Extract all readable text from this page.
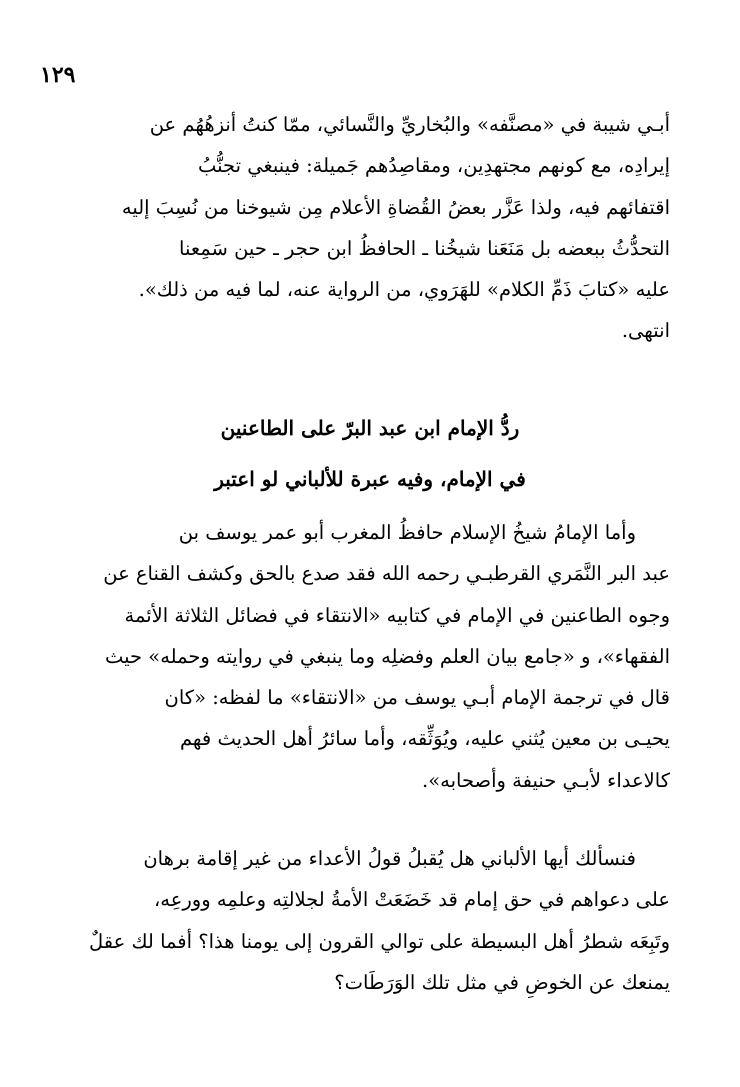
١٢٩
أبـي شيبة في «مصنَّفه» والبُخاريِّ والنَّسائي، ممّا كنتُ أنزهُهُم عن
إيرادِه، مع كونهم مجتهدِين، ومقاصِدُهم جَميلة: فينبغي تجنُّبُ
اقتفائهم فيه، ولذا عَزَّر بعضُ القُضاةِ الأعلام مِن شيوخنا من نُسِبَ إليه
التحدُّثُ ببعضه بل مَنَعَنا شيخُنا ـ الحافظُ ابن حجر ـ حين سَمِعنا
عليه «كتابَ ذَمِّ الكلام» للهَرَوي، من الرواية عنه، لما فيه من ذلك».
انتهى.
ردُّ الإمام ابن عبد البرّ على الطاعنين
في الإمام، وفيه عبرة للألباني لو اعتبر
وأما الإمامُ شيخُ الإسلام حافظُ المغرب أبو عمر يوسف بن
عبد البر النَّمَري القرطبـي رحمه الله فقد صدع بالحق وكشف القناع عن
وجوه الطاعنين في الإمام في كتابيه «الانتقاء في فضائل الثلاثة الأئمة
الفقهاء»، و «جامع بيان العلم وفضلِه وما ينبغي في روايته وحمله» حيث
قال في ترجمة الإمام أبـي يوسف من «الانتقاء» ما لفظه: «كان
يحيـى بن معين يُثني عليه، ويُوَثِّقه، وأما سائرُ أهل الحديث فهم
كالاعداء لأبـي حنيفة وأصحابه».
فنسألك أيها الألباني هل يُقبلُ قولُ الأعداء من غير إقامة برهان
على دعواهم في حق إمام قد خَضَعَتْ الأمةُ لجلالتِه وعلمِه وورعِه،
وتَبِعَه شطرُ أهل البسيطة على توالي القرون إلى يومنا هذا؟ أفما لك عقلٌ
يمنعك عن الخوضِ في مثل تلك الوَرَطَات؟
